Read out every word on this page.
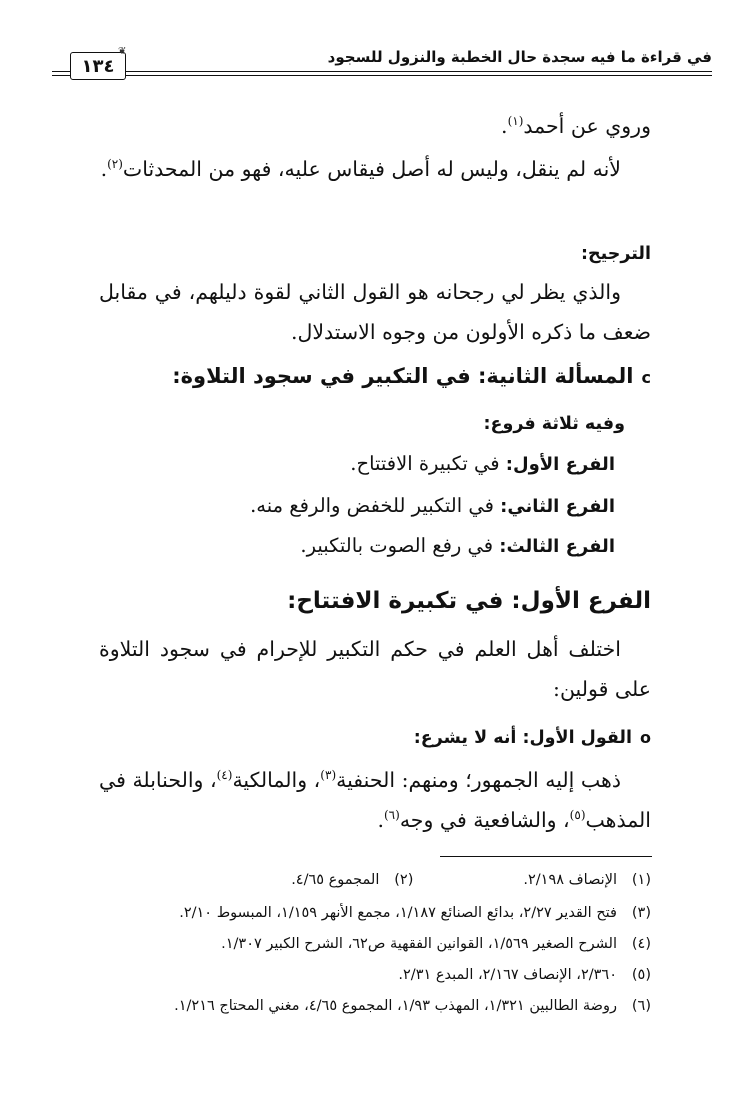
في قراءة ما فيه سجدة حال الخطبة والنزول للسجود
١٣٤
❦
وروي عن أحمد$^{(١)}$.
لأنه لم ينقل، وليس له أصل فيقاس عليه، فهو من المحدثات$^{(٢)}$.
الترجيح:
والذي يظر لي رجحانه هو القول الثاني لقوة دليلهم، في مقابل ضعف ما ذكره الأولون من وجوه الاستدلال.
cالمسألة الثانية: في التكبير في سجود التلاوة:
وفيه ثلاثة فروع:
الفرع الأول: في تكبيرة الافتتاح.
الفرع الثاني: في التكبير للخفض والرفع منه.
الفرع الثالث: في رفع الصوت بالتكبير.
الفرع الأول: في تكبيرة الافتتاح:
اختلف أهل العلم في حكم التكبير للإحرام في سجود التلاوة على قولين:
oالقول الأول: أنه لا يشرع:
ذهب إليه الجمهور؛ ومنهم: الحنفية$^{(٣)}$، والمالكية$^{(٤)}$، والحنابلة في المذهب$^{(٥)}$، والشافعية في وجه$^{(٦)}$.
(١)الإنصاف ٢/١٩٨.(٢)المجموع ٤/٦٥.
(٣)فتح القدير ٢/٢٧، بدائع الصنائع ١/١٨٧، مجمع الأنهر ١/١٥٩، المبسوط ٢/١٠.
(٤)الشرح الصغير ١/٥٦٩، القوانين الفقهية ص٦٢، الشرح الكبير ١/٣٠٧.
(٥)٢/٣٦٠، الإنصاف ٢/١٦٧، المبدع ٢/٣١.
(٦)روضة الطالبين ١/٣٢١، المهذب ١/٩٣، المجموع ٤/٦٥، مغني المحتاج ١/٢١٦.
